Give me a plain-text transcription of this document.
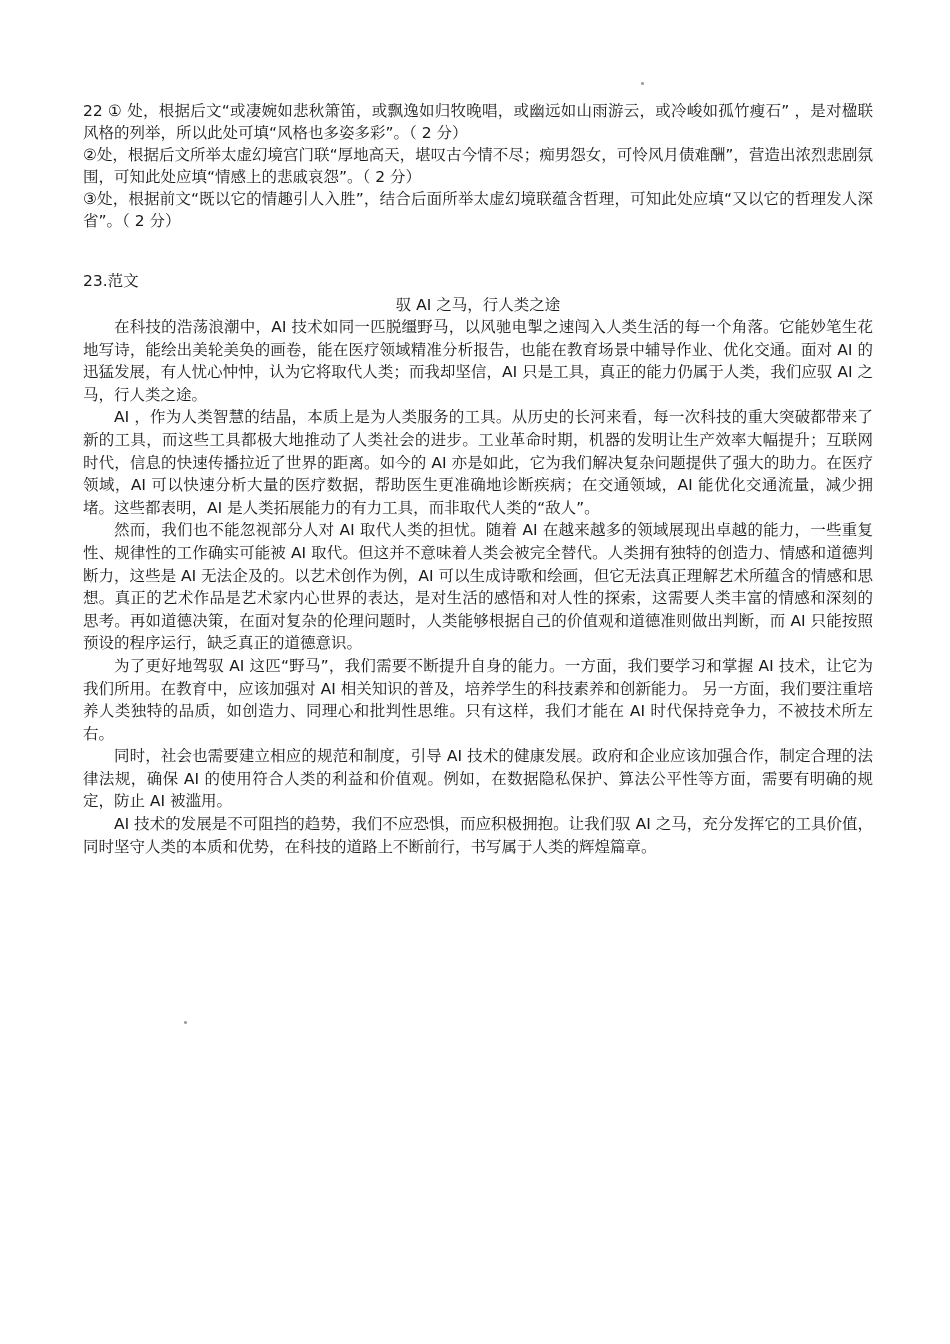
22 ① 处，根据后文“或凄婉如悲秋箫笛，或飘逸如归牧晚唱，或幽远如山雨游云，或冷峻如孤竹瘦石” ，是对楹联风格的列举，所以此处可填“风格也多姿多彩”。（ 2 分）

②处，根据后文所举太虚幻境宫门联“厚地高天，堪叹古今情不尽；痴男怨女，可怜风月债难酬”，营造出浓烈悲剧氛围，可知此处应填“情感上的悲戚哀怨”。（ 2 分）

③处，根据前文“既以它的情趣引人入胜”，结合后面所举太虚幻境联蕴含哲理，可知此处应填“又以它的哲理发人深省”。（ 2 分）

23.范文
驭 AI 之马，行人类之途

在科技的浩荡浪潮中，AI 技术如同一匹脱缰野马，以风驰电掣之速闯入人类生活的每一个角落。它能妙笔生花地写诗，能绘出美轮美奂的画卷，能在医疗领域精准分析报告，也能在教育场景中辅导作业、优化交通。面对 AI 的迅猛发展，有人忧心忡忡，认为它将取代人类；而我却坚信，AI 只是工具，真正的能力仍属于人类，我们应驭 AI 之马，行人类之途。

AI ，作为人类智慧的结晶，本质上是为人类服务的工具。从历史的长河来看，每一次科技的重大突破都带来了新的工具，而这些工具都极大地推动了人类社会的进步。工业革命时期，机器的发明让生产效率大幅提升；互联网时代，信息的快速传播拉近了世界的距离。如今的 AI 亦是如此，它为我们解决复杂问题提供了强大的助力。在医疗领域，AI 可以快速分析大量的医疗数据，帮助医生更准确地诊断疾病；在交通领域，AI 能优化交通流量，减少拥堵。这些都表明，AI 是人类拓展能力的有力工具，而非取代人类的“敌人”。

然而，我们也不能忽视部分人对 AI 取代人类的担忧。随着 AI 在越来越多的领域展现出卓越的能力，一些重复性、规律性的工作确实可能被 AI 取代。但这并不意味着人类会被完全替代。人类拥有独特的创造力、情感和道德判断力，这些是 AI 无法企及的。以艺术创作为例，AI 可以生成诗歌和绘画，但它无法真正理解艺术所蕴含的情感和思想。真正的艺术作品是艺术家内心世界的表达，是对生活的感悟和对人性的探索，这需要人类丰富的情感和深刻的思考。再如道德决策，在面对复杂的伦理问题时，人类能够根据自己的价值观和道德准则做出判断，而 AI 只能按照预设的程序运行，缺乏真正的道德意识。

为了更好地驾驭 AI 这匹“野马”，我们需要不断提升自身的能力。一方面，我们要学习和掌握 AI 技术，让它为我们所用。在教育中，应该加强对 AI 相关知识的普及，培养学生的科技素养和创新能力。 另一方面，我们要注重培养人类独特的品质，如创造力、同理心和批判性思维。只有这样，我们才能在 AI 时代保持竞争力，不被技术所左右。

同时，社会也需要建立相应的规范和制度，引导 AI 技术的健康发展。政府和企业应该加强合作，制定合理的法律法规，确保 AI 的使用符合人类的利益和价值观。例如，在数据隐私保护、算法公平性等方面，需要有明确的规定，防止 AI 被滥用。

AI 技术的发展是不可阻挡的趋势，我们不应恐惧，而应积极拥抱。让我们驭 AI 之马，充分发挥它的工具价值，同时坚守人类的本质和优势，在科技的道路上不断前行，书写属于人类的辉煌篇章。
